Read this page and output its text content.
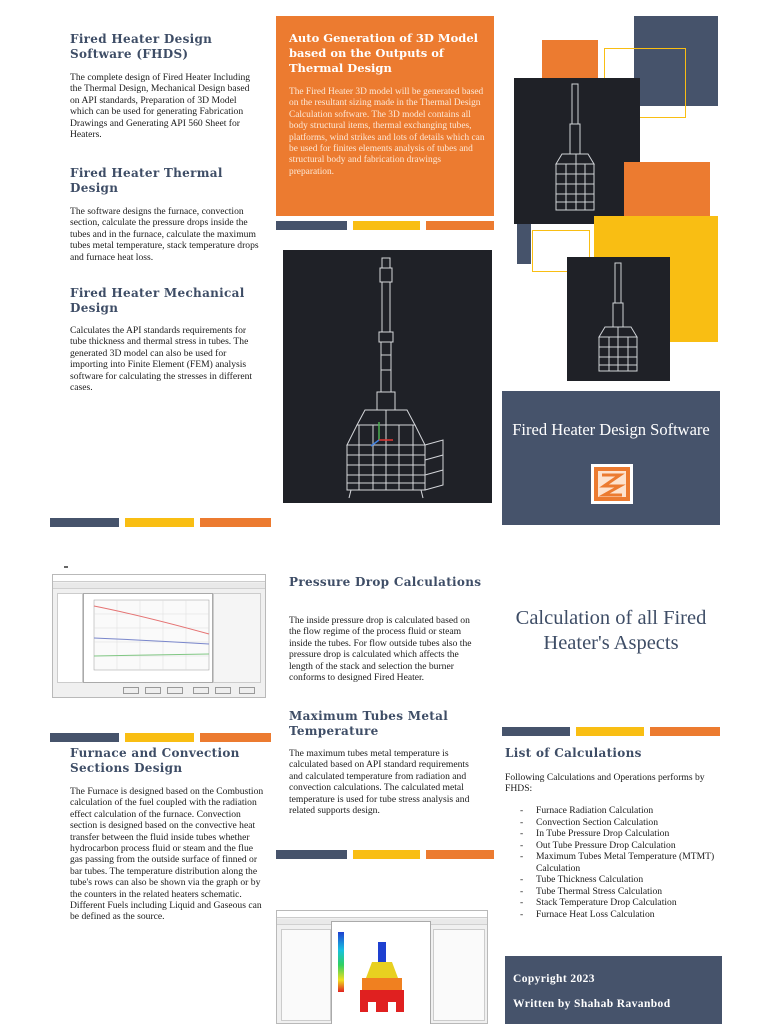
Fired Heater Design Software (FHDS)
The complete design of Fired Heater Including the Thermal Design, Mechanical Design based on API standards, Preparation of 3D Model which can be used for generating Fabrication Drawings and Generating API 560 Sheet for Heaters.
Fired Heater Thermal Design
The software designs the furnace, convection section, calculate the pressure drops inside the tubes and in the furnace, calculate the maximum tubes metal temperature, stack temperature drops and furnace heat loss.
Fired Heater Mechanical Design
Calculates the API standards requirements for tube thickness and thermal stress in tubes. The generated 3D model can also be used for importing into Finite Element (FEM) analysis software for calculating the stresses in different cases.
Auto Generation of 3D Model based on the Outputs of Thermal Design
The Fired Heater 3D model will be generated based on the resultant sizing made in the Thermal Design Calculation software. The 3D model contains all body structural items, thermal exchanging tubes, platforms, wind strikes and lots of details which can be used for finites elements analysis of tubes and structural body and fabrication drawings preparation.
Fired Heater Design Software
Furnace and Convection Sections Design
The Furnace is designed based on the Combustion calculation of the fuel coupled with the radiation effect calculation of the furnace. Convection section is designed based on the convective heat transfer between the fluid inside tubes whether hydrocarbon process fluid or steam and the flue gas passing from the outside surface of finned or bar tubes. The temperature distribution along the tube's rows can also be shown via the graph or by the counters in the related heaters schematic. Different Fuels including Liquid and Gaseous can be defined as the source.
Pressure Drop Calculations
The inside pressure drop is calculated based on the flow regime of the process fluid or steam inside the tubes. For flow outside tubes also the pressure drop is calculated which affects the length of the stack and selection the burner conforms to designed Fired Heater.
Maximum Tubes Metal Temperature
The maximum tubes metal temperature is calculated based on API standard requirements and calculated temperature from radiation and convection calculations. The calculated metal temperature is used for tube stress analysis and related supports design.
Calculation of all Fired Heater's Aspects
List of Calculations
Following Calculations and Operations performs by FHDS:
- Furnace Radiation Calculation
- Convection Section Calculation
- In Tube Pressure Drop Calculation
- Out Tube Pressure Drop Calculation
- Maximum Tubes Metal Temperature (MTMT) Calculation
- Tube Thickness Calculation
- Tube Thermal Stress Calculation
- Stack Temperature Drop Calculation
- Furnace Heat Loss Calculation
Copyright 2023
Written by Shahab Ravanbod
